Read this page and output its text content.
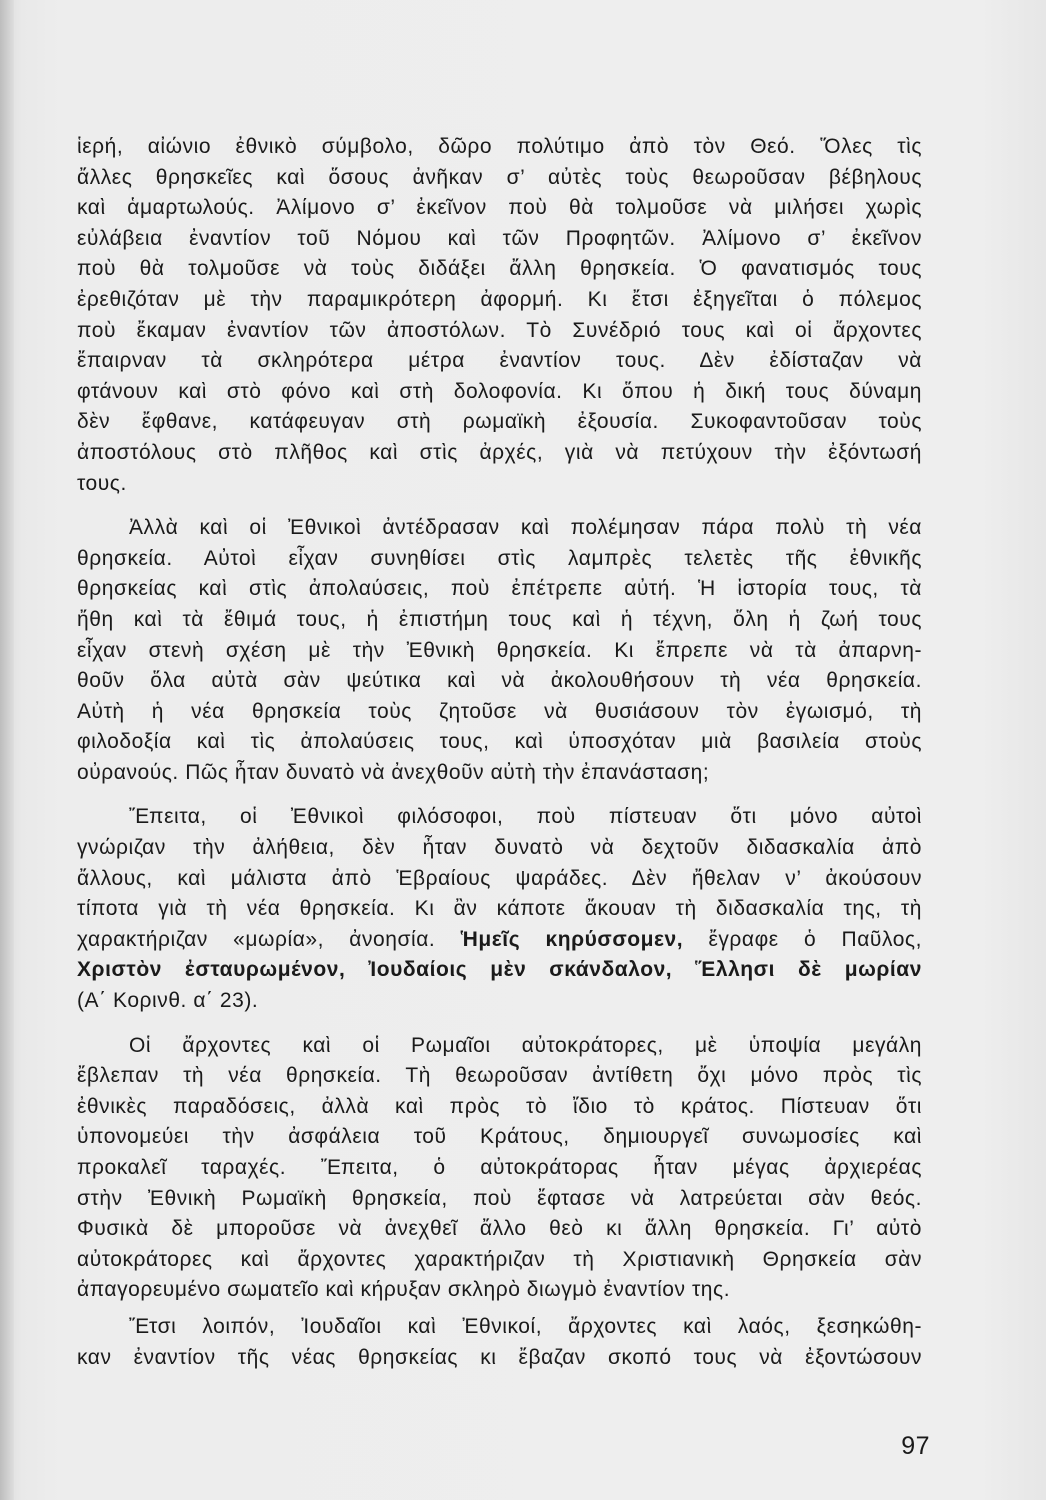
ἱερή, αἰώνιο ἐθνικὸ σύμβολο, δῶρο πολύτιμο ἀπὸ τὸν Θεό. Ὅλες τὶς
ἄλλες θρησκεῖες καὶ ὅσους ἀνῆκαν σ’ αὐτὲς τοὺς θεωροῦσαν βέβηλους
καὶ ἁμαρτωλούς. Ἀλίμονο σ’ ἐκεῖνον ποὺ θὰ τολμοῦσε νὰ μιλήσει χωρὶς
εὐλάβεια ἐναντίον τοῦ Νόμου καὶ τῶν Προφητῶν. Ἀλίμονο σ’ ἐκεῖνον
ποὺ θὰ τολμοῦσε νὰ τοὺς διδάξει ἄλλη θρησκεία. Ὁ φανατισμός τους
ἐρεθιζόταν μὲ τὴν παραμικρότερη ἀφορμή. Κι ἔτσι ἐξηγεῖται ὁ πόλεμος
ποὺ ἔκαμαν ἐναντίον τῶν ἀποστόλων. Τὸ Συνέδριό τους καὶ οἱ ἄρχοντες
ἔπαιρναν τὰ σκληρότερα μέτρα ἐναντίον τους. Δὲν ἐδίσταζαν νὰ
φτάνουν καὶ στὸ φόνο καὶ στὴ δολοφονία. Κι ὅπου ἡ δική τους δύναμη
δὲν ἔφθανε, κατάφευγαν στὴ ρωμαϊκὴ ἐξουσία. Συκοφαντοῦσαν τοὺς
ἀποστόλους στὸ πλῆθος καὶ στὶς ἀρχές, γιὰ νὰ πετύχουν τὴν ἐξόντωσή
τους.
Ἀλλὰ καὶ οἱ Ἐθνικοὶ ἀντέδρασαν καὶ πολέμησαν πάρα πολὺ τὴ νέα
θρησκεία. Αὐτοὶ εἶχαν συνηθίσει στὶς λαμπρὲς τελετὲς τῆς ἐθνικῆς
θρησκείας καὶ στὶς ἀπολαύσεις, ποὺ ἐπέτρεπε αὐτή. Ἡ ἱστορία τους, τὰ
ἤθη καὶ τὰ ἔθιμά τους, ἡ ἐπιστήμη τους καὶ ἡ τέχνη, ὅλη ἡ ζωή τους
εἶχαν στενὴ σχέση μὲ τὴν Ἐθνικὴ θρησκεία. Κι ἔπρεπε νὰ τὰ ἀπαρνη-
θοῦν ὅλα αὐτὰ σὰν ψεύτικα καὶ νὰ ἀκολουθήσουν τὴ νέα θρησκεία.
Αὐτὴ ἡ νέα θρησκεία τοὺς ζητοῦσε νὰ θυσιάσουν τὸν ἐγωισμό, τὴ
φιλοδοξία καὶ τὶς ἀπολαύσεις τους, καὶ ὑποσχόταν μιὰ βασιλεία στοὺς
οὐρανούς. Πῶς ἦταν δυνατὸ νὰ ἀνεχθοῦν αὐτὴ τὴν ἐπανάσταση;
Ἔπειτα, οἱ Ἐθνικοὶ φιλόσοφοι, ποὺ πίστευαν ὅτι μόνο αὐτοὶ
γνώριζαν τὴν ἀλήθεια, δὲν ἦταν δυνατὸ νὰ δεχτοῦν διδασκαλία ἀπὸ
ἄλλους, καὶ μάλιστα ἀπὸ Ἑβραίους ψαράδες. Δὲν ἤθελαν ν’ ἀκούσουν
τίποτα γιὰ τὴ νέα θρησκεία. Κι ἂν κάποτε ἄκουαν τὴ διδασκαλία της, τὴ
χαρακτήριζαν «μωρία», ἀνοησία. Ἡμεῖς κηρύσσομεν, ἔγραφε ὁ Παῦλος,
Χριστὸν ἐσταυρωμένον, Ἰουδαίοις μὲν σκάνδαλον, Ἕλλησι δὲ μωρίαν
(Α΄ Κορινθ. α΄ 23).
Οἱ ἄρχοντες καὶ οἱ Ρωμαῖοι αὐτοκράτορες, μὲ ὑποψία μεγάλη
ἔβλεπαν τὴ νέα θρησκεία. Τὴ θεωροῦσαν ἀντίθετη ὄχι μόνο πρὸς τὶς
ἐθνικὲς παραδόσεις, ἀλλὰ καὶ πρὸς τὸ ἴδιο τὸ κράτος. Πίστευαν ὅτι
ὑπονομεύει τὴν ἀσφάλεια τοῦ Κράτους, δημιουργεῖ συνωμοσίες καὶ
προκαλεῖ ταραχές. Ἔπειτα, ὁ αὐτοκράτορας ἦταν μέγας ἀρχιερέας
στὴν Ἐθνικὴ Ρωμαϊκὴ θρησκεία, ποὺ ἔφτασε νὰ λατρεύεται σὰν θεός.
Φυσικὰ δὲ μποροῦσε νὰ ἀνεχθεῖ ἄλλο θεὸ κι ἄλλη θρησκεία. Γι’ αὐτὸ
αὐτοκράτορες καὶ ἄρχοντες χαρακτήριζαν τὴ Χριστιανικὴ Θρησκεία σὰν
ἀπαγορευμένο σωματεῖο καὶ κήρυξαν σκληρὸ διωγμὸ ἐναντίον της.
Ἔτσι λοιπόν, Ἰουδαῖοι καὶ Ἐθνικοί, ἄρχοντες καὶ λαός, ξεσηκώθη-
καν ἐναντίον τῆς νέας θρησκείας κι ἔβαζαν σκοπό τους νὰ ἐξοντώσουν
97
